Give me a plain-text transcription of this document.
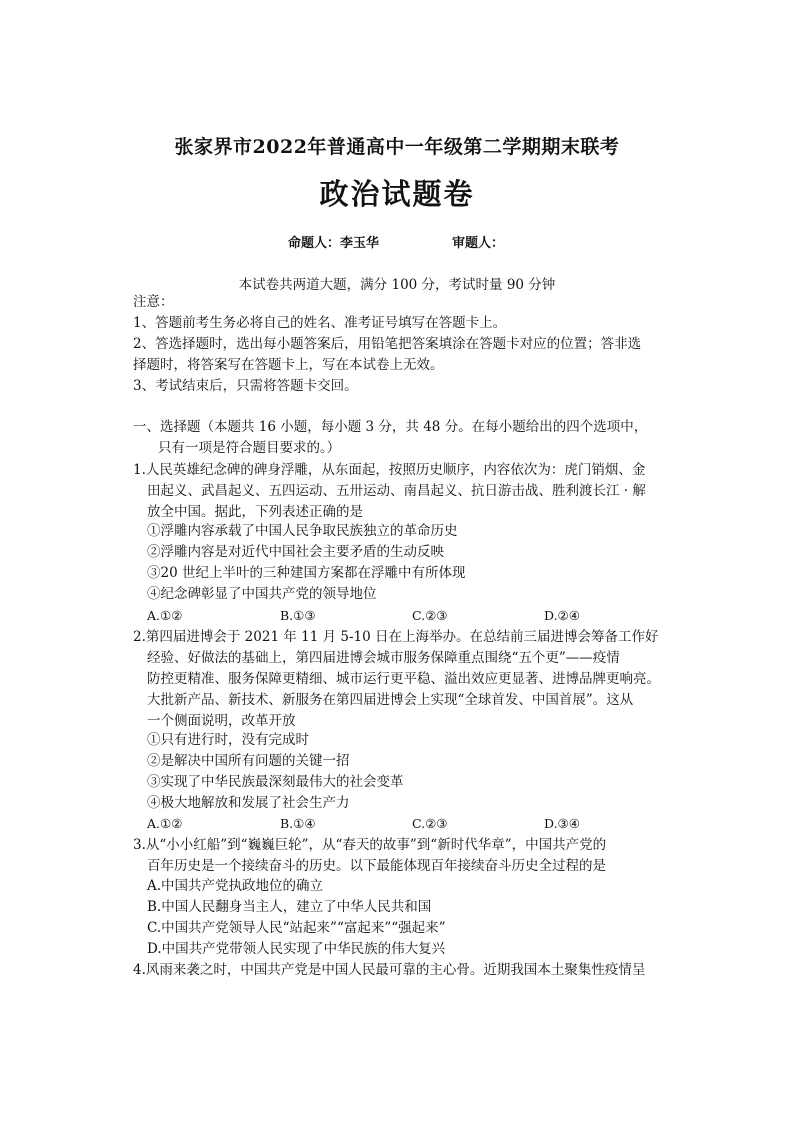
张家界市2022年普通高中一年级第二学期期末联考
政治试题卷
命题人：李玉华	审题人：
本试卷共两道大题，满分 100 分，考试时量 90 分钟
注意：
1、答题前考生务必将自己的姓名、准考证号填写在答题卡上。
2、答选择题时，选出每小题答案后，用铅笔把答案填涂在答题卡对应的位置；答非选
择题时，将答案写在答题卡上，写在本试卷上无效。
3、考试结束后，只需将答题卡交回。
一、选择题（本题共 16 小题，每小题 3 分，共 48 分。在每小题给出的四个选项中，
只有一项是符合题目要求的。）
1.人民英雄纪念碑的碑身浮雕，从东面起，按照历史顺序，内容依次为：虎门销烟、金
田起义、武昌起义、五四运动、五卅运动、南昌起义、抗日游击战、胜利渡长江 · 解
放全中国。据此，下列表述正确的是
①浮雕内容承载了中国人民争取民族独立的革命历史
②浮雕内容是对近代中国社会主要矛盾的生动反映
③20 世纪上半叶的三种建国方案都在浮雕中有所体现
④纪念碑彰显了中国共产党的领导地位
A.①②	B.①③	C.②③	D.②④
2.第四届进博会于 2021 年 11 月 5-10 日在上海举办。在总结前三届进博会筹备工作好
经验、好做法的基础上，第四届进博会城市服务保障重点围绕“五个更”——疫情
防控更精准、服务保障更精细、城市运行更平稳、溢出效应更显著、进博品牌更响亮。
大批新产品、新技术、新服务在第四届进博会上实现“全球首发、中国首展”。这从
一个侧面说明，改革开放
①只有进行时，没有完成时
②是解决中国所有问题的关键一招
③实现了中华民族最深刻最伟大的社会变革
④极大地解放和发展了社会生产力
A.①②	B.①④	C.②③	D.③④
3.从“小小红船”到“巍巍巨轮”，从“春天的故事”到“新时代华章”，中国共产党的
百年历史是一个接续奋斗的历史。以下最能体现百年接续奋斗历史全过程的是
A.中国共产党执政地位的确立
B.中国人民翻身当主人，建立了中华人民共和国
C.中国共产党领导人民“站起来”“富起来”“强起来”
D.中国共产党带领人民实现了中华民族的伟大复兴
4.风雨来袭之时，中国共产党是中国人民最可靠的主心骨。近期我国本土聚集性疫情呈
